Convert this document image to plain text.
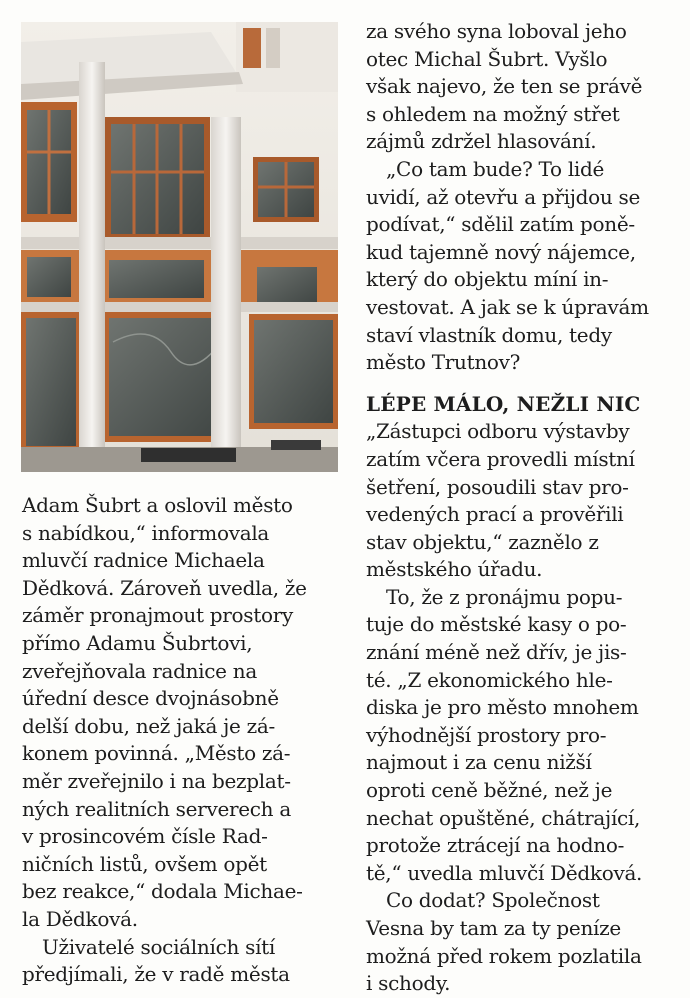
Adam Šubrt a oslovil město
s nabídkou,“ informovala
mluvčí radnice Michaela
Dědková. Zároveň uvedla, že
záměr pronajmout prostory
přímo Adamu Šubrtovi,
zveřejňovala radnice na
úřední desce dvojnásobně
delší dobu, než jaká je zá-
konem povinná. „Město zá-
měr zveřejnilo i na bezplat-
ných realitních serverech a
v prosincovém čísle Rad-
ničních listů, ovšem opět
bez reakce,“ dodala Michae-
la Dědková.
Uživatelé sociálních sítí
předjímali, že v radě města
za svého syna loboval jeho
otec Michal Šubrt. Vyšlo
však najevo, že ten se právě
s ohledem na možný střet
zájmů zdržel hlasování.
„Co tam bude? To lidé
uvidí, až otevřu a přijdou se
podívat,“ sdělil zatím poně-
kud tajemně nový nájemce,
který do objektu míní in-
vestovat. A jak se k úpravám
staví vlastník domu, tedy
město Trutnov?
LÉPE MÁLO, NEŽLI NIC
„Zástupci odboru výstavby
zatím včera provedli místní
šetření, posoudili stav pro-
vedených prací a prověřili
stav objektu,“ zaznělo z
městského úřadu.
To, že z pronájmu popu-
tuje do městské kasy o po-
znání méně než dřív, je jis-
té. „Z ekonomického hle-
diska je pro město mnohem
výhodnější prostory pro-
najmout i za cenu nižší
oproti ceně běžné, než je
nechat opuštěné, chátrající,
protože ztrácejí na hodno-
tě,“ uvedla mluvčí Dědková.
Co dodat? Společnost
Vesna by tam za ty peníze
možná před rokem pozlatila
i schody.
